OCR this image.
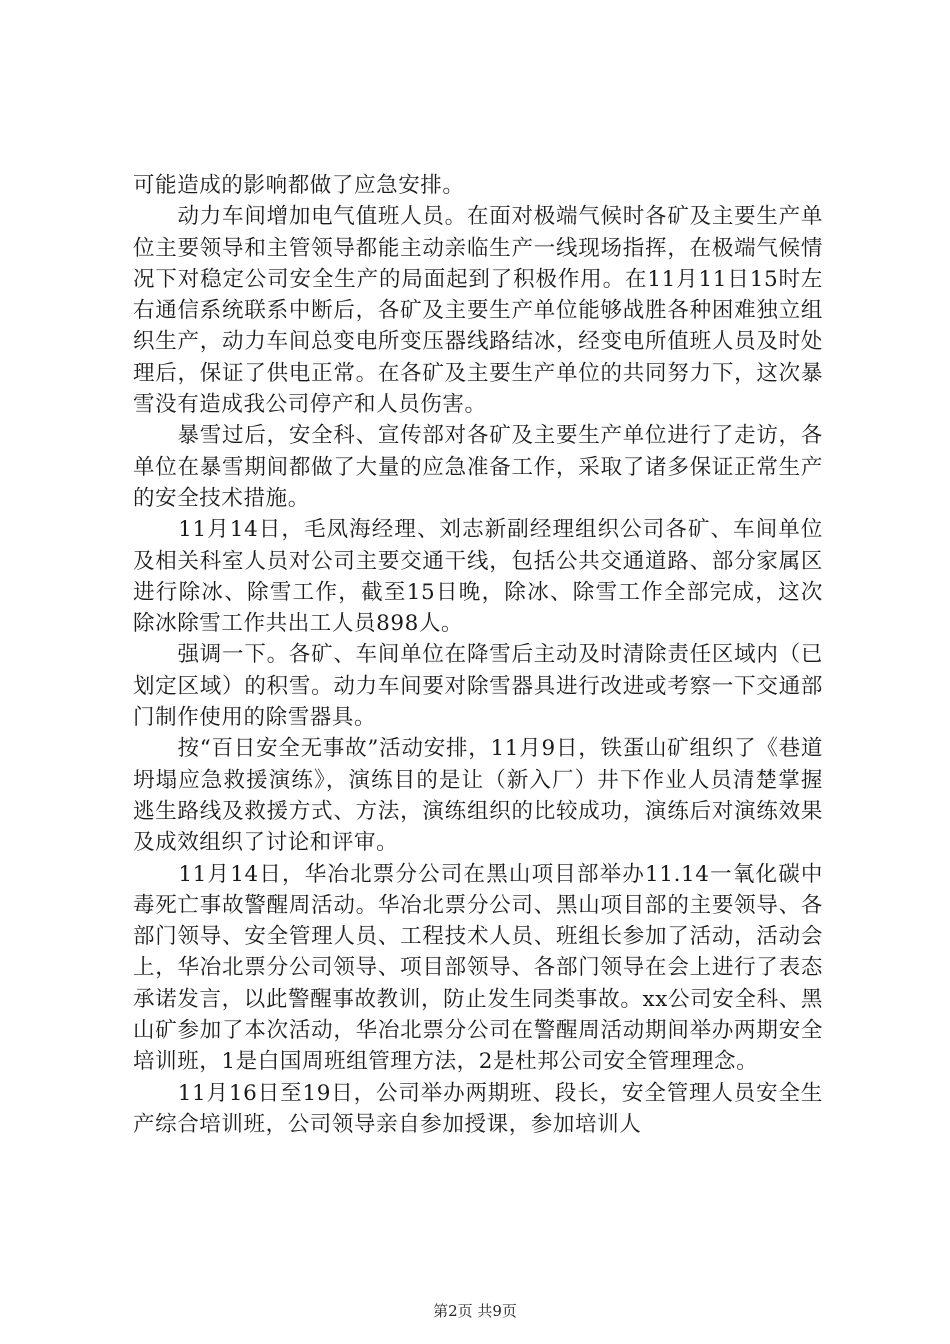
可能造成的影响都做了应急安排。

　　动力车间增加电气值班人员。在面对极端气候时各矿及主要生产单位主要领导和主管领导都能主动亲临生产一线现场指挥，在极端气候情况下对稳定公司安全生产的局面起到了积极作用。在11月11日15时左右通信系统联系中断后，各矿及主要生产单位能够战胜各种困难独立组织生产，动力车间总变电所变压器线路结冰，经变电所值班人员及时处理后，保证了供电正常。在各矿及主要生产单位的共同努力下，这次暴雪没有造成我公司停产和人员伤害。

　　暴雪过后，安全科、宣传部对各矿及主要生产单位进行了走访，各单位在暴雪期间都做了大量的应急准备工作，采取了诸多保证正常生产的安全技术措施。

　　11月14日，毛凤海经理、刘志新副经理组织公司各矿、车间单位及相关科室人员对公司主要交通干线，包括公共交通道路、部分家属区进行除冰、除雪工作，截至15日晚，除冰、除雪工作全部完成，这次除冰除雪工作共出工人员898人。

　　强调一下。各矿、车间单位在降雪后主动及时清除责任区域内（已划定区域）的积雪。动力车间要对除雪器具进行改进或考察一下交通部门制作使用的除雪器具。

　　按“百日安全无事故”活动安排，11月9日，铁蛋山矿组织了《巷道坍塌应急救援演练》，演练目的是让（新入厂）井下作业人员清楚掌握逃生路线及救援方式、方法，演练组织的比较成功，演练后对演练效果及成效组织了讨论和评审。

　　11月14日，华冶北票分公司在黑山项目部举办11.14一氧化碳中毒死亡事故警醒周活动。华冶北票分公司、黑山项目部的主要领导、各部门领导、安全管理人员、工程技术人员、班组长参加了活动，活动会上，华冶北票分公司领导、项目部领导、各部门领导在会上进行了表态承诺发言，以此警醒事故教训，防止发生同类事故。xx公司安全科、黑山矿参加了本次活动，华冶北票分公司在警醒周活动期间举办两期安全培训班，1是白国周班组管理方法，2是杜邦公司安全管理理念。

　　11月16日至19日，公司举办两期班、段长，安全管理人员安全生产综合培训班，公司领导亲自参加授课，参加培训人

第2页 共9页
